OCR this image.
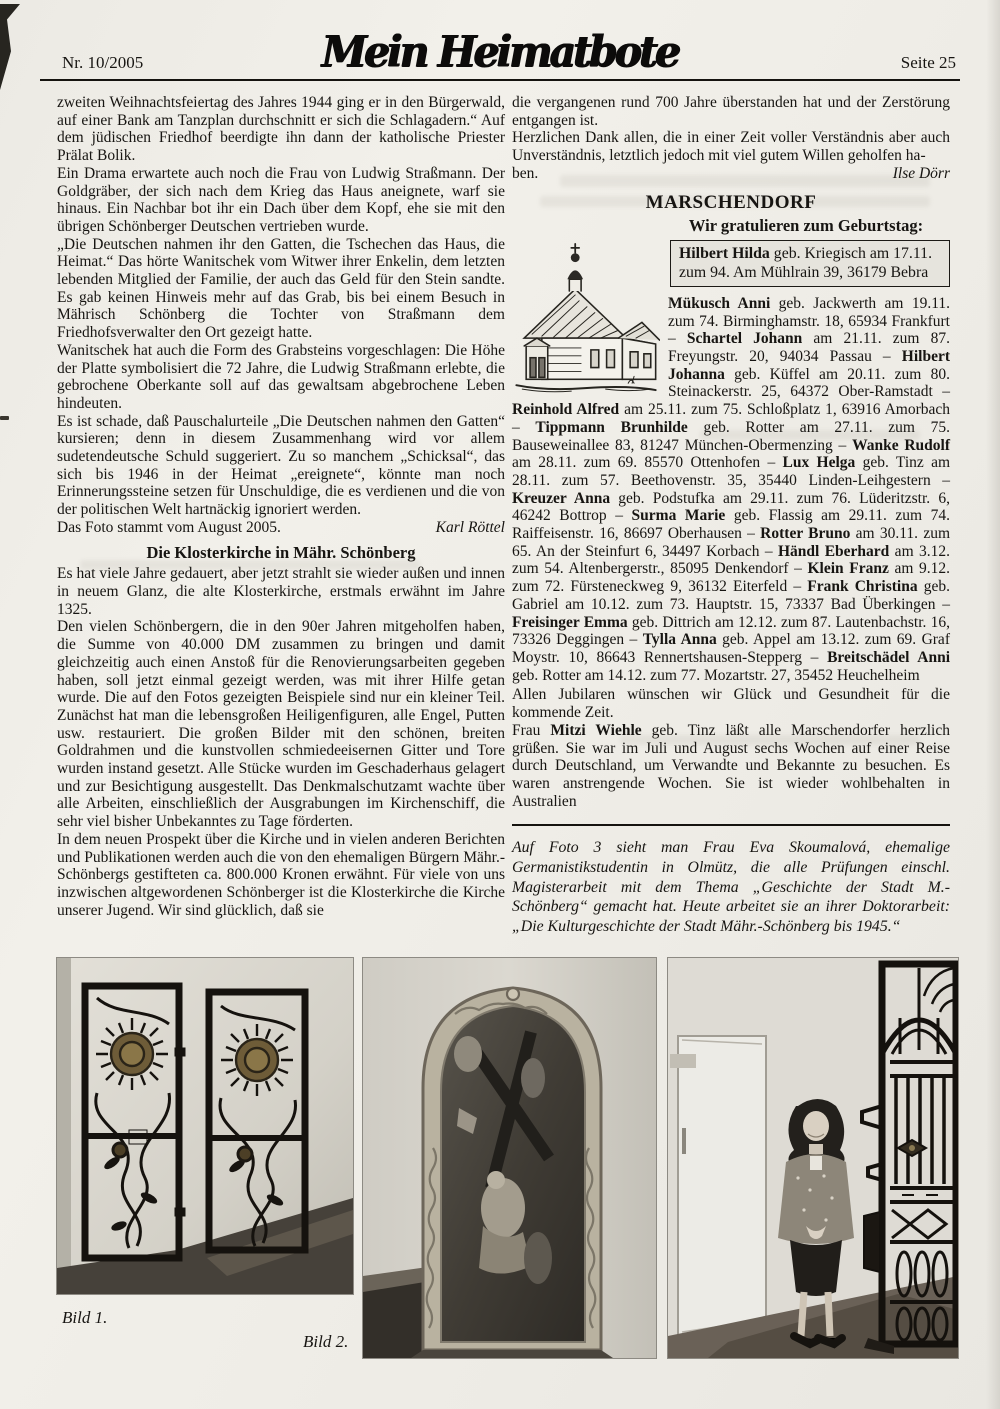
Nr. 10/2005	Mein Heimatbote	Seite 25

zweiten Weihnachtsfeiertag des Jahres 1944 ging er in den Bürgerwald, auf einer Bank am Tanzplan durchschnitt er sich die Schlagadern.“ Auf dem jüdischen Friedhof beerdigte ihn dann der katholische Priester Prälat Bolik.

Ein Drama erwartete auch noch die Frau von Ludwig Straßmann. Der Goldgräber, der sich nach dem Krieg das Haus aneignete, warf sie hinaus. Ein Nachbar bot ihr ein Dach über dem Kopf, ehe sie mit den übrigen Schönberger Deutschen vertrieben wurde.

„Die Deutschen nahmen ihr den Gatten, die Tschechen das Haus, die Heimat.“ Das hörte Wanitschek vom Witwer ihrer Enkelin, dem letzten lebenden Mitglied der Familie, der auch das Geld für den Stein sandte. Es gab keinen Hinweis mehr auf das Grab, bis bei einem Besuch in Mährisch Schönberg die Tochter von Straßmann dem Friedhofsverwalter den Ort gezeigt hatte.

Wanitschek hat auch die Form des Grabsteins vorgeschlagen: Die Höhe der Platte symbolisiert die 72 Jahre, die Ludwig Straßmann erlebte, die gebrochene Oberkante soll auf das gewaltsam abgebrochene Leben hindeuten.

Es ist schade, daß Pauschalurteile „Die Deutschen nahmen den Gatten“ kursieren; denn in diesem Zusammenhang wird vor allem sudetendeutsche Schuld suggeriert. Zu so manchem „Schicksal“, das sich bis 1946 in der Heimat „ereignete“, könnte man noch Erinnerungssteine setzen für Unschuldige, die es verdienen und die von der politischen Welt hartnäckig ignoriert werden.

Das Foto stammt vom August 2005.	Karl Röttel
Die Klosterkirche in Mähr. Schönberg

Es hat viele Jahre gedauert, aber jetzt strahlt sie wieder außen und innen in neuem Glanz, die alte Klosterkirche, erstmals erwähnt im Jahre 1325.

Den vielen Schönbergern, die in den 90er Jahren mitgeholfen haben, die Summe von 40.000 DM zusammen zu bringen und damit gleichzeitig auch einen Anstoß für die Renovierungsarbeiten gegeben haben, soll jetzt einmal gezeigt werden, was mit ihrer Hilfe getan wurde. Die auf den Fotos gezeigten Beispiele sind nur ein kleiner Teil. Zunächst hat man die lebensgroßen Heiligenfiguren, alle Engel, Putten usw. restauriert. Die großen Bilder mit den schönen, breiten Goldrahmen und die kunstvollen schmiedeeisernen Gitter und Tore wurden instand gesetzt. Alle Stücke wurden im Geschaderhaus gelagert und zur Besichtigung ausgestellt. Das Denkmalschutzamt wachte über alle Arbeiten, einschließlich der Ausgrabungen im Kirchenschiff, die sehr viel bisher Unbekanntes zu Tage förderten.

In dem neuen Prospekt über die Kirche und in vielen anderen Berichten und Publikationen werden auch die von den ehemaligen Bürgern Mähr.-Schönbergs gestifteten ca. 800.000 Kronen erwähnt. Für viele von uns inzwischen altgewordenen Schönberger ist die Klosterkirche die Kirche unserer Jugend. Wir sind glücklich, daß sie

die vergangenen rund 700 Jahre überstanden hat und der Zerstörung entgangen ist.

Herzlichen Dank allen, die in einer Zeit voller Verständnis aber auch Unverständnis, letztlich jedoch mit viel gutem Willen geholfen ha-

ben.	Ilse Dörr
MARSCHENDORF
Wir gratulieren zum Geburtstag:
Hilbert Hilda geb. Kriegisch am 17.11.
zum 94. Am Mühlrain 39, 36179 Bebra

Mükusch Anni geb. Jackwerth am 19.11. zum 74. Birminghamstr. 18, 65934 Frankfurt – Schartel Johann am 21.11. zum 87. Freyungstr. 20, 94034 Passau – Hilbert Johanna geb. Küffel am 20.11. zum 80. Steinackerstr. 25, 64372 Ober-Ramstadt – Reinhold Alfred am 25.11. zum 75. Schloßplatz 1, 63916 Amorbach – Tippmann Brunhilde geb. Rotter am 27.11. zum 75. Bauseweinallee 83, 81247 München-Obermenzing – Wanke Rudolf am 28.11. zum 69. 85570 Ottenhofen – Lux Helga geb. Tinz am 28.11. zum 57. Beethovenstr. 35, 35440 Linden-Leihgestern – Kreuzer Anna geb. Podstufka am 29.11. zum 76. Lüderitzstr. 6, 46242 Bottrop – Surma Marie geb. Flassig am 29.11. zum 74. Raiffeisenstr. 16, 86697 Oberhausen – Rotter Bruno am 30.11. zum 65. An der Steinfurt 6, 34497 Korbach – Händl Eberhard am 3.12. zum 54. Altenbergerstr., 85095 Denkendorf – Klein Franz am 9.12. zum 72. Fürsteneckweg 9, 36132 Eiterfeld – Frank Christina geb. Gabriel am 10.12. zum 73. Hauptstr. 15, 73337 Bad Überkingen – Freisinger Emma geb. Dittrich am 12.12. zum 87. Lautenbachstr. 16, 73326 Deggingen – Tylla Anna geb. Appel am 13.12. zum 69. Graf Moystr. 10, 86643 Rennertshausen-Stepperg – Breitschädel Anni geb. Rotter am 14.12. zum 77. Mozartstr. 27, 35452 Heuchelheim

Allen Jubilaren wünschen wir Glück und Gesundheit für die kommende Zeit.

Frau Mitzi Wiehle geb. Tinz läßt alle Marschendorfer herzlich grüßen. Sie war im Juli und August sechs Wochen auf einer Reise durch Deutschland, um Verwandte und Bekannte zu besuchen. Es waren anstrengende Wochen. Sie ist wieder wohlbehalten in Australien

Auf Foto 3 sieht man Frau Eva Skoumalová, ehemalige Germanistikstudentin in Olmütz, die alle Prüfungen einschl. Magisterarbeit mit dem Thema „Geschichte der Stadt M.-Schönberg“ gemacht hat. Heute arbeitet sie an ihrer Doktorarbeit: „Die Kulturgeschichte der Stadt Mähr.-Schönberg bis 1945.“

Bild 1.
Bild 2.
